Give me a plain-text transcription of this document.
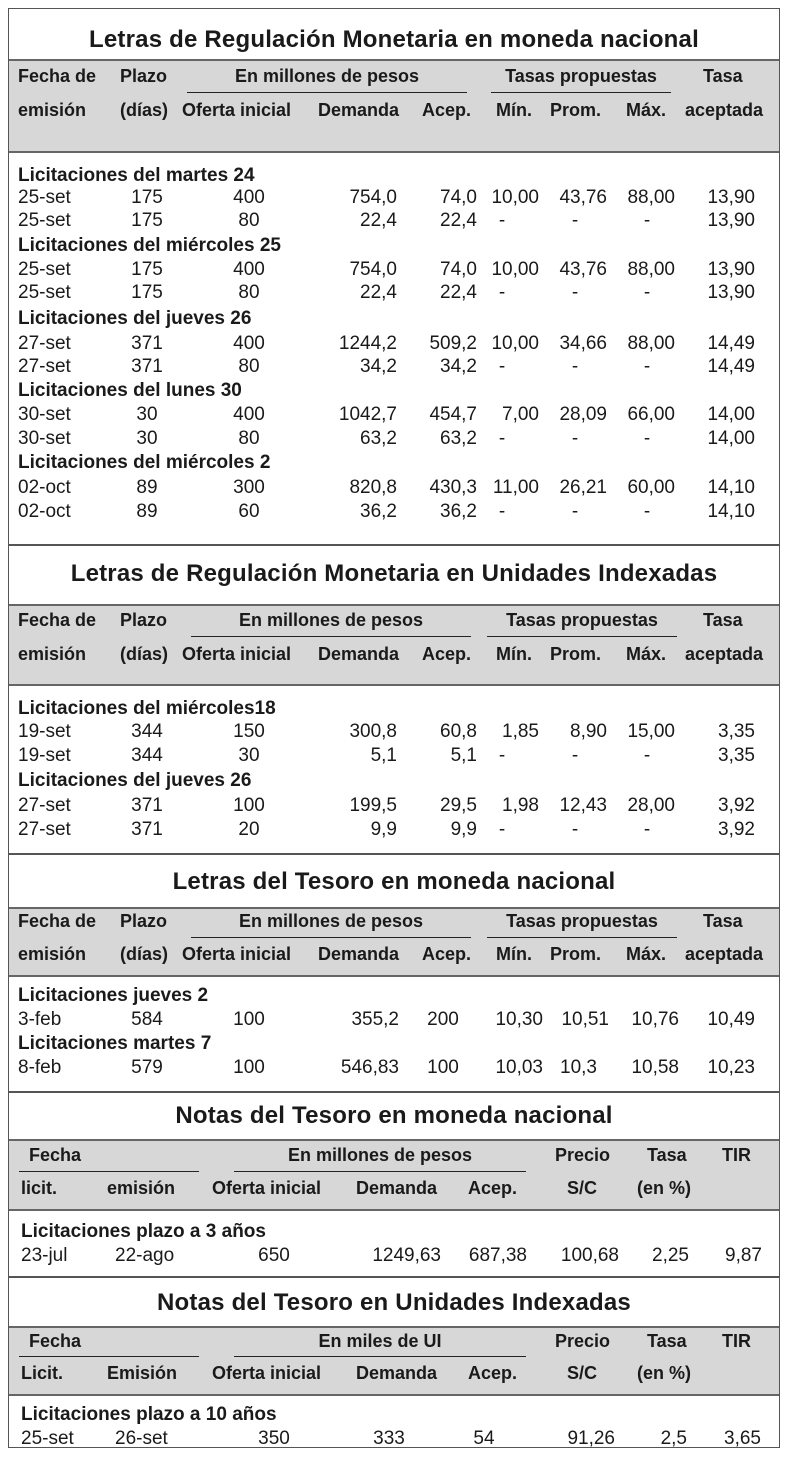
Letras de Regulación Monetaria en moneda nacional
Fecha de
emisión
Plazo
(días)
En millones de pesos
Oferta inicial Demanda Acep.
Tasas propuestas
Mín. Prom. Máx.
Tasa
aceptada
Licitaciones del martes 24
25-set	175	400	754,0	74,0 10,00	43,76	88,00	13,90
25-set	175	80	22,4	22,4	-	-	-	13,90
Licitaciones del miércoles 25
25-set	175	400	754,0	74,0 10,00	43,76	88,00	13,90
25-set	175	80	22,4	22,4	-	-	-	13,90
Licitaciones del jueves 26
27-set	371	400	1244,2	509,2 10,00	34,66	88,00	14,49
27-set	371	80	34,2	34,2	-	-	-	14,49
Licitaciones del lunes 30
30-set	30	400	1042,7	454,7	7,00	28,09	66,00	14,00
30-set	30	80	63,2	63,2	-	-	-	14,00
Licitaciones del miércoles 2
02-oct	89	300	820,8	430,3 11,00	26,21	60,00	14,10
02-oct	89	60	36,2	36,2	-	-	-	14,10
Letras de Regulación Monetaria en Unidades Indexadas
Fecha de
emisión
Plazo
(días)
En millones de pesos
Oferta inicial Demanda Acep.
Tasas propuestas
Mín. Prom. Máx.
Tasa
aceptada
Licitaciones del miércoles18
19-set	344	150	300,8	60,8	1,85	8,90	15,00	3,35
19-set	344	30	5,1	5,1	-	-	-	3,35
Licitaciones del jueves 26
27-set	371	100	199,5	29,5	1,98	12,43	28,00	3,92
27-set	371	20	9,9	9,9	-	-	-	3,92
Letras del Tesoro en moneda nacional
Fecha de
emisión
Plazo
(días)
En millones de pesos
Oferta inicial Demanda Acep.
Tasas propuestas
Mín. Prom. Máx.
Tasa
aceptada
Licitaciones jueves 2
3-feb	584	100	355,2	200	10,30 10,51	10,76	10,49
Licitaciones martes 7
8-feb	579	100	546,83	100	10,03 10,3	10,58	10,23
Notas del Tesoro en moneda nacional
Fecha
licit.	emisión
En millones de pesos
Oferta inicial Demanda Acep.
Precio
S/C
Tasa
(en %)
TIR
Licitaciones plazo a 3 años
23-jul	22-ago	650	1249,63	687,38	100,68	2,25	9,87
Notas del Tesoro en Unidades Indexadas
Fecha
Licit. Emisión
En miles de UI
Oferta inicial Demanda Acep.
Precio
S/C
Tasa
(en %)
TIR
Licitaciones plazo a 10 años
25-set 26-set	350	333	54	91,26	2,5	3,65
